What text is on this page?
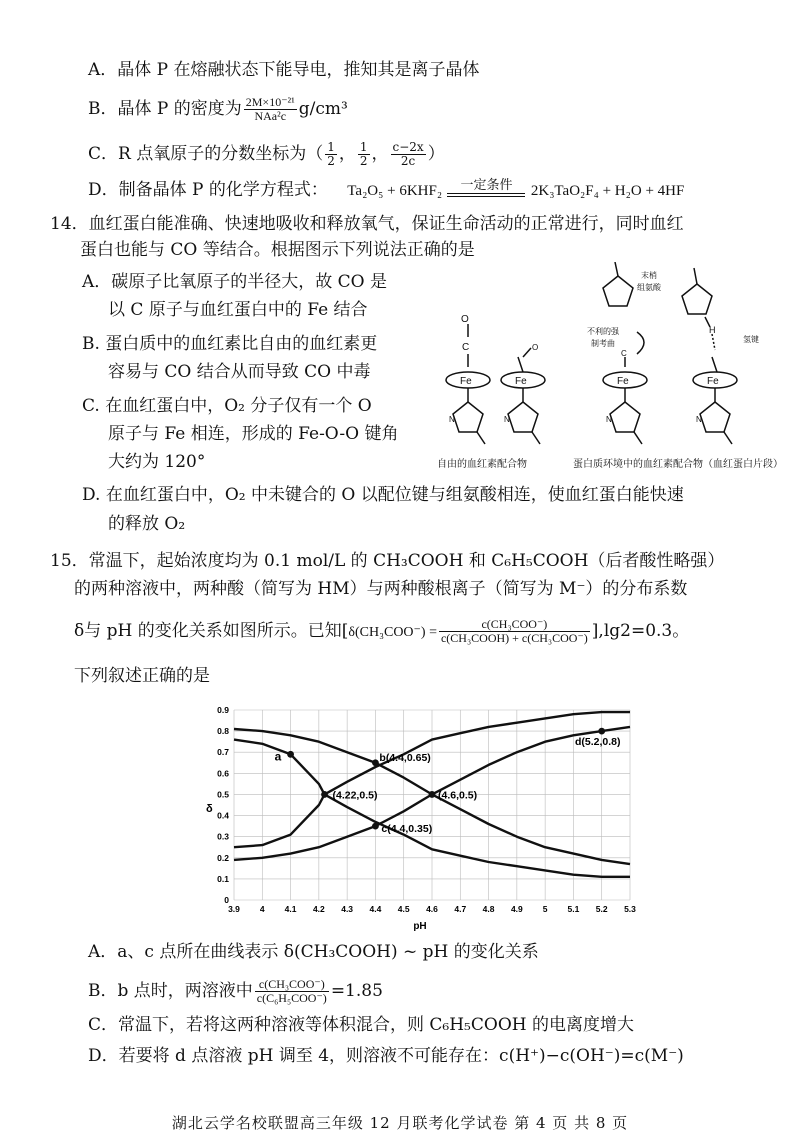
A．晶体 P 在熔融状态下能导电，推知其是离子晶体
B．晶体 P 的密度为 $\frac{\text{2M×10⁻²¹}}{\text{NAa²c}} g/cm^3$
C．R 点氧原子的分数坐标为（ $\frac{1}{2}$ ， $\frac{1}{2}$ ， $\frac{c-2x}{2c}$ ）
D．制备晶体 P 的化学方程式： Ta₂O₅ + 6KHF₂	一定条件	2K₃TaO₂F₄ + H₂O + 4HF
14．血红蛋白能准确、快速地吸收和释放氧气，保证生命活动的正常进行，同时血红
蛋白也能与 CO 等结合。根据图示下列说法正确的是
A．碳原子比氧原子的半径大，故 CO 是
以 C 原子与血红蛋白中的 Fe 结合
B. 蛋白质中的血红素比自由的血红素更
容易与 CO 结合从而导致 CO 中毒
C. 在血红蛋白中，O₂ 分子仅有一个 O
原子与 Fe 相连，形成的 Fe-O-O 键角
大约为 120°
D. 在血红蛋白中，O₂ 中未键合的 O 以配位键与组氨酸相连，使血红蛋白能快速
的释放 O₂
O
C
Fe
N
Fe
N
O
Fe
C
N
Fe
N
H
末梢
组氨酸
不利的强
制考曲	氢键
自由的血红素配合物	蛋白质环境中的血红素配合物（血红蛋白片段）
15．常温下，起始浓度均为 0.1 mol/L 的 CH₃COOH 和 C₆H₅COOH（后者酸性略强）
的两种溶液中，两种酸（简写为 HM）与两种酸根离子（简写为 M⁻）的分布系数
δ与 pH 的变化关系如图所示。已知$[\delta(CH_3COO^-) = \frac{\text{c(CH₃COO⁻)}}{\text{c(CH₃COOH) + c(CH₃COO⁻)}} ],\lg 2=0.3$。
下列叙述正确的是
3.9 4 4.1 4.2 4.3 4.4 4.5 4.6 4.7 4.8 4.9 5 5.1 5.2 5.3
0
0.1
0.2
0.3
0.4
0.5
0.6
0.7
0.8
0.9
a
(4.22,0.5)
b(4.4,0.65)
c(4.4,0.35)
(4.6,0.5)
d(5.2,0.8)
pH
δ
A．a、c 点所在曲线表示 δ(CH₃COOH) ~ pH 的变化关系
B．b 点时，两溶液中 $\frac{\text{c(CH₃COO⁻)}}{\text{c(C₆H₅COO⁻)}} =1.85$
C．常温下，若将这两种溶液等体积混合，则 C₆H₅COOH 的电离度增大
D．若要将 d 点溶液 pH 调至 4，则溶液不可能存在：c(H⁺)−c(OH⁻)=c(M⁻)
湖北云学名校联盟高三年级 12 月联考化学试卷 第 4 页 共 8 页
